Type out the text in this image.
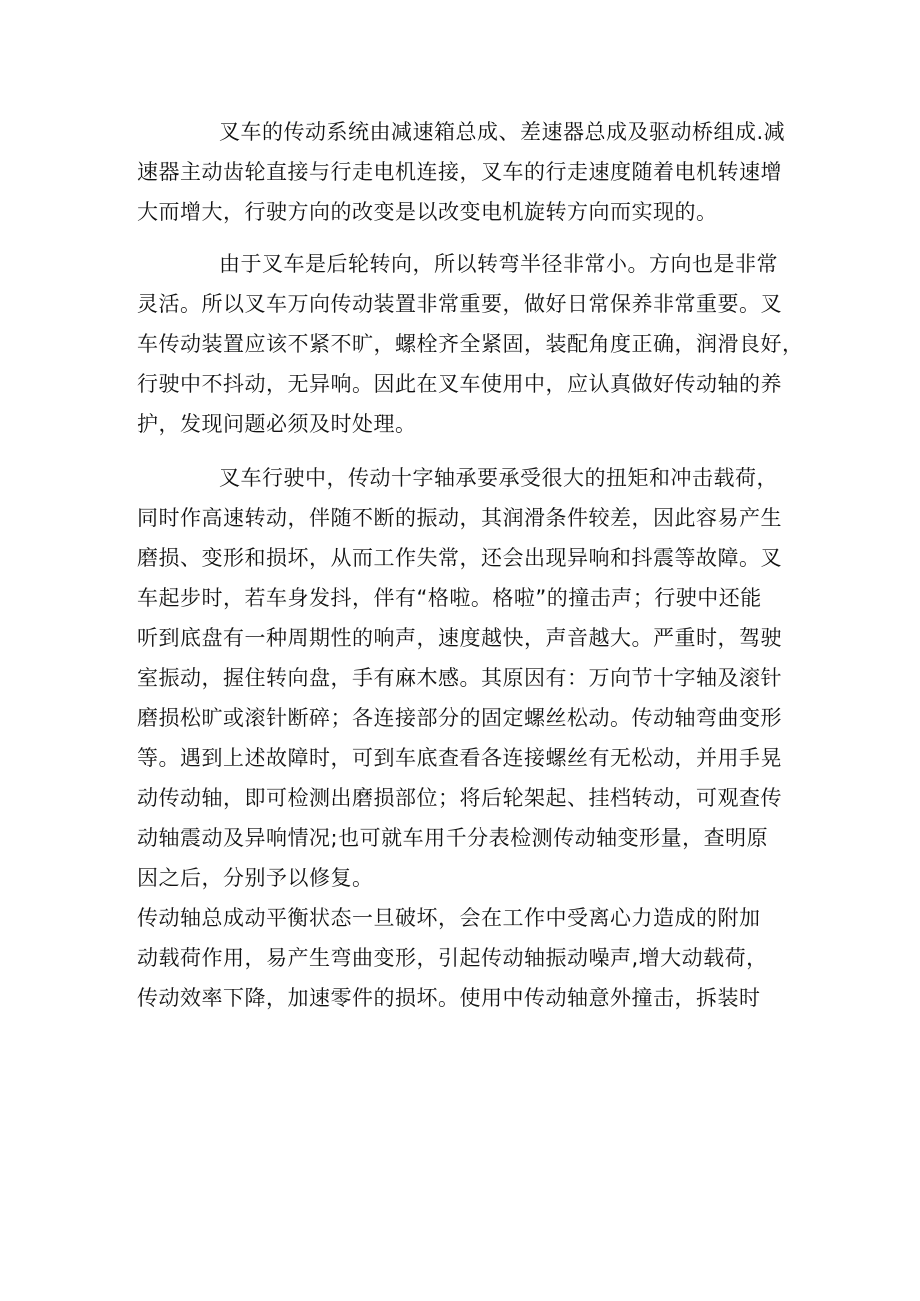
叉车的传动系统由减速箱总成、差速器总成及驱动桥组成.减
速器主动齿轮直接与行走电机连接，叉车的行走速度随着电机转速增
大而增大，行驶方向的改变是以改变电机旋转方向而实现的。
由于叉车是后轮转向，所以转弯半径非常小。方向也是非常
灵活。所以叉车万向传动装置非常重要，做好日常保养非常重要。叉
车传动装置应该不紧不旷，螺栓齐全紧固，装配角度正确，润滑良好，
行驶中不抖动，无异响。因此在叉车使用中，应认真做好传动轴的养
护，发现问题必须及时处理。
叉车行驶中，传动十字轴承要承受很大的扭矩和冲击载荷，
同时作高速转动，伴随不断的振动，其润滑条件较差，因此容易产生
磨损、变形和损坏，从而工作失常，还会出现异响和抖震等故障。叉
车起步时，若车身发抖，伴有“格啦。格啦”的撞击声；行驶中还能
听到底盘有一种周期性的响声，速度越快，声音越大。严重时，驾驶
室振动，握住转向盘，手有麻木感。其原因有：万向节十字轴及滚针
磨损松旷或滚针断碎；各连接部分的固定螺丝松动。传动轴弯曲变形
等。遇到上述故障时，可到车底查看各连接螺丝有无松动，并用手晃
动传动轴，即可检测出磨损部位；将后轮架起、挂档转动，可观查传
动轴震动及异响情况;也可就车用千分表检测传动轴变形量，查明原
因之后，分别予以修复。
传动轴总成动平衡状态一旦破坏，会在工作中受离心力造成的附加
动载荷作用，易产生弯曲变形，引起传动轴振动噪声,增大动载荷，
传动效率下降，加速零件的损坏。使用中传动轴意外撞击，拆装时
